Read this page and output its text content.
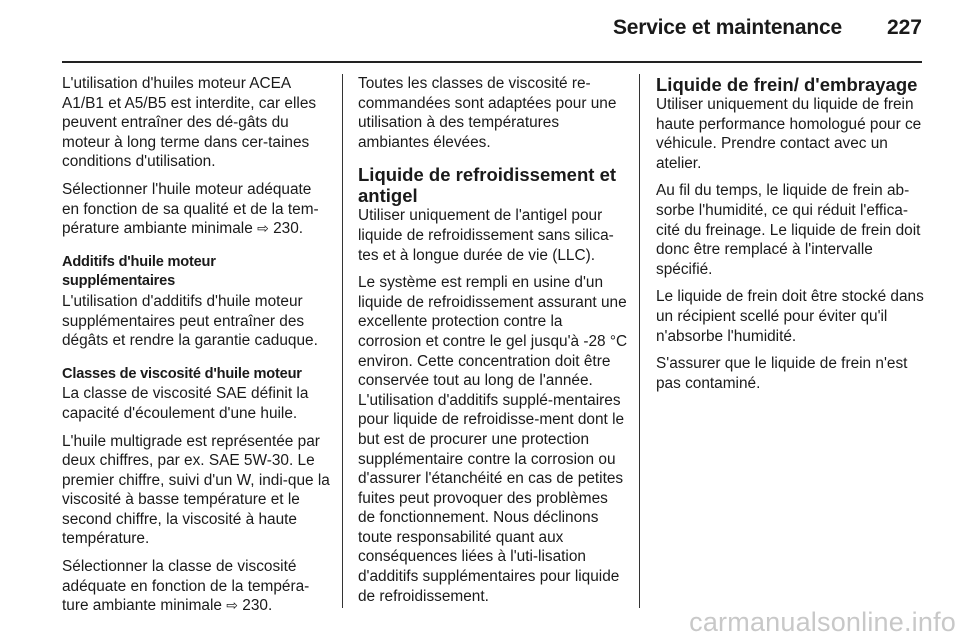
Service et maintenance	227

L'utilisation d'huiles moteur ACEA A1/B1 et A5/B5 est interdite, car elles peuvent entraîner des dé-gâts du moteur à long terme dans cer-taines conditions d'utilisation.

Sélectionner l'huile moteur adéquate en fonction de sa qualité et de la tem-pérature ambiante minimale ⇨ 230.

Additifs d'huile moteur supplémentaires

L'utilisation d'additifs d'huile moteur supplémentaires peut entraîner des dégâts et rendre la garantie caduque.

Classes de viscosité d'huile moteur

La classe de viscosité SAE définit la capacité d'écoulement d'une huile.

L'huile multigrade est représentée par deux chiffres, par ex. SAE 5W-30. Le premier chiffre, suivi d'un W, indi-que la viscosité à basse température et le second chiffre, la viscosité à haute température.

Sélectionner la classe de viscosité adéquate en fonction de la tempéra-ture ambiante minimale ⇨ 230.

Toutes les classes de viscosité re-commandées sont adaptées pour une utilisation à des températures ambiantes élevées.

Liquide de refroidissement et antigel

Utiliser uniquement de l'antigel pour liquide de refroidissement sans silica-tes et à longue durée de vie (LLC).

Le système est rempli en usine d'un liquide de refroidissement assurant une excellente protection contre la corrosion et contre le gel jusqu'à -28 °C environ. Cette concentration doit être conservée tout au long de l'année. L'utilisation d'additifs supplé-mentaires pour liquide de refroidisse-ment dont le but est de procurer une protection supplémentaire contre la corrosion ou d'assurer l'étanchéité en cas de petites fuites peut provoquer des problèmes de fonctionnement. Nous déclinons toute responsabilité quant aux conséquences liées à l'uti-lisation d'additifs supplémentaires pour liquide de refroidissement.

Liquide de frein/ d'embrayage

Utiliser uniquement du liquide de frein haute performance homologué pour ce véhicule. Prendre contact avec un atelier.

Au fil du temps, le liquide de frein ab-sorbe l'humidité, ce qui réduit l'effica-cité du freinage. Le liquide de frein doit donc être remplacé à l'intervalle spécifié.

Le liquide de frein doit être stocké dans un récipient scellé pour éviter qu'il n'absorbe l'humidité.

S'assurer que le liquide de frein n'est pas contaminé.

carmanualsonline.info
